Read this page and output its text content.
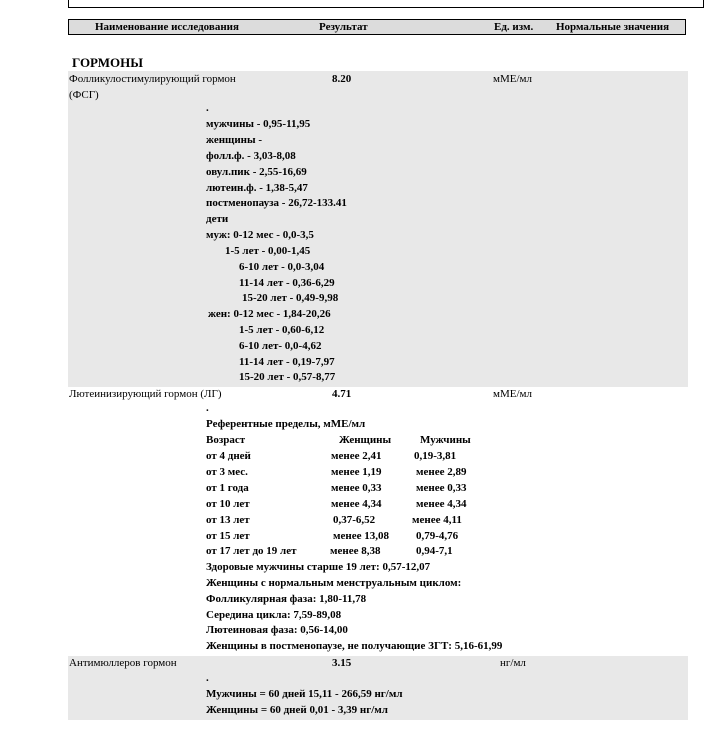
Наименование исследования	Результат	Ед. изм. Нормальные значения
ГОРМОНЫ
Фолликулостимулирующий гормон
(ФСГ)
8.20	мМЕ/мл
.
мужчины - 0,95-11,95
женщины -
фолл.ф. - 3,03-8,08
овул.пик - 2,55-16,69
лютеин.ф. - 1,38-5,47
постменопауза - 26,72-133.41
дети
муж: 0-12 мес - 0,0-3,5
1-5 лет - 0,00-1,45
6-10 лет - 0,0-3,04
11-14 лет - 0,36-6,29
15-20 лет - 0,49-9,98
жен: 0-12 мес - 1,84-20,26
1-5 лет - 0,60-6,12
6-10 лет- 0,0-4,62
11-14 лет - 0,19-7,97
15-20 лет - 0,57-8,77
Лютеинизирующий гормон (ЛГ)	4.71	мМЕ/мл
.
Референтные пределы, мМЕ/мл
Возраст	Женщины	Мужчины
от 4 дней	менее 2,41	0,19-3,81
от 3 мес.	менее 1,19	менее 2,89
от 1 года	менее 0,33	менее 0,33
от 10 лет	менее 4,34	менее 4,34
от 13 лет	0,37-6,52	менее 4,11
от 15 лет	менее 13,08 0,79-4,76
от 17 лет до 19 лет	менее 8,38	0,94-7,1
Здоровые мужчины старше 19 лет: 0,57-12,07
Женщины с нормальным менструальным циклом:
Фолликулярная фаза: 1,80-11,78
Середина цикла: 7,59-89,08
Лютеиновая фаза: 0,56-14,00
Женщины в постменопаузе, не получающие ЗГТ: 5,16-61,99
Антимюллеров гормон	3.15	нг/мл
.
Мужчины = 60 дней 15,11 - 266,59 нг/мл
Женщины = 60 дней 0,01 - 3,39 нг/мл
